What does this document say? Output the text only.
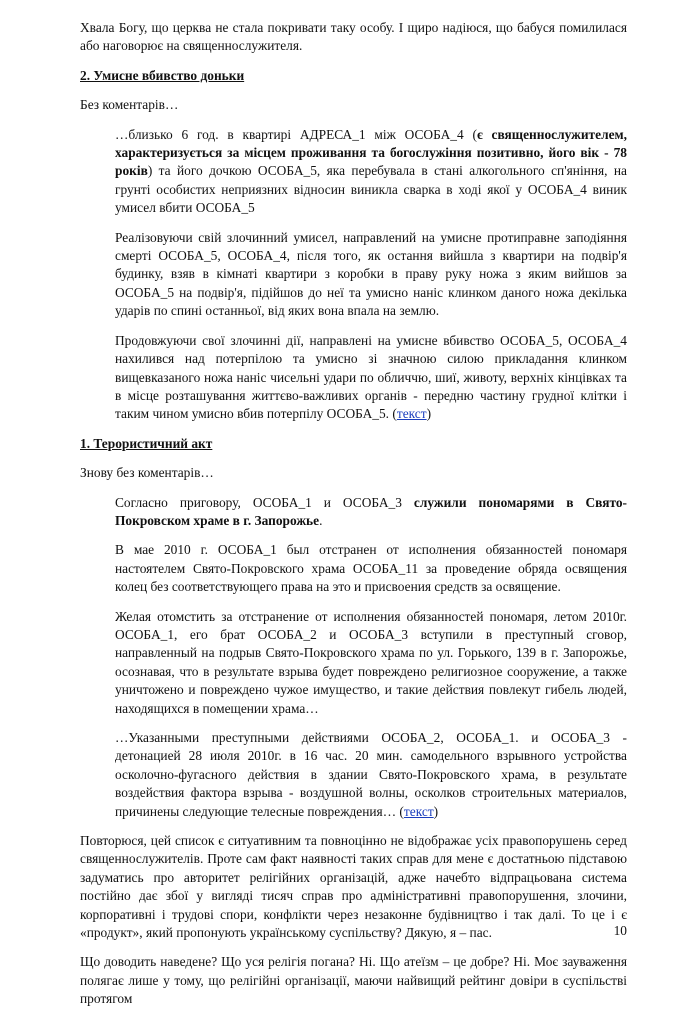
Хвала Богу, що церква не стала покривати таку особу. І щиро надіюся, що бабуся помилилася або наговорює на священнослужителя.

2. Умисне вбивство доньки

Без коментарів…

…близько 6 год. в квартирі АДРЕСА_1 між ОСОБА_4 (є священнослужителем, характеризується за місцем проживання та богослужіння позитивно, його вік - 78 років) та його дочкою ОСОБА_5, яка перебувала в стані алкогольного сп'яніння, на грунті особистих неприязних відносин виникла сварка в ході якої у ОСОБА_4 виник умисел вбити ОСОБА_5

Реалізовуючи свій злочинний умисел, направлений на умисне протиправне заподіяння смерті ОСОБА_5, ОСОБА_4, після того, як остання вийшла з квартири на подвір'я будинку, взяв в кімнаті квартири з коробки в праву руку ножа з яким вийшов за ОСОБА_5 на подвір'я, підійшов до неї та умисно наніс клинком даного ножа декілька ударів по спині останньої, від яких вона впала на землю.

Продовжуючи свої злочинні дії, направлені на умисне вбивство ОСОБА_5, ОСОБА_4 нахилився над потерпілою та умисно зі значною силою прикладання клинком вищевказаного ножа наніс чисельні удари по обличчю, шиї, животу, верхніх кінцівках та в місце розташування життєво-важливих органів - передню частину грудної клітки і таким чином умисно вбив потерпілу ОСОБА_5. (текст)

1. Терористичний акт

Знову без коментарів…

Согласно приговору, ОСОБА_1 и ОСОБА_3 служили пономарями в Свято-Покровском храме в г. Запорожье.

В мае 2010 г. ОСОБА_1 был отстранен от исполнения обязанностей пономаря настоятелем Свято-Покровского храма ОСОБА_11 за проведение обряда освящения колец без соответствующего права на это и присвоения средств за освящение.

Желая отомстить за отстранение от исполнения обязанностей пономаря, летом 2010г. ОСОБА_1, его брат ОСОБА_2 и ОСОБА_3 вступили в преступный сговор, направленный на подрыв Свято-Покровского храма по ул. Горького, 139 в г. Запорожье, осознавая, что в результате взрыва будет повреждено религиозное сооружение, а также уничтожено и повреждено чужое имущество, и такие действия повлекут гибель людей, находящихся в помещении храма…

…Указанными преступными действиями ОСОБА_2, ОСОБА_1. и ОСОБА_3 - детонацией 28 июля 2010г. в 16 час. 20 мин. самодельного взрывного устройства осколочно-фугасного действия в здании Свято-Покровского храма, в результате воздействия фактора взрыва - воздушной волны, осколков строительных материалов, причинены следующие телесные повреждения… (текст)

Повторюся, цей список є ситуативним та повноцінно не відображає усіх правопорушень серед священнослужителів. Проте сам факт наявності таких справ для мене є достатньою підставою задуматись про авторитет релігійних організацій, адже начебто відпрацьована система постійно дає збої у вигляді тисяч справ про адміністративні правопорушення, злочини, корпоративні і трудові спори, конфлікти через незаконне будівництво і так далі. То це і є «продукт», який пропонують українському суспільству? Дякую, я – пас.

Що доводить наведене? Що уся релігія погана? Ні. Що атеїзм – це добре? Ні. Моє зауваження полягає лише у тому, що релігійні організації, маючи найвищий рейтинг довіри в суспільстві протягом

10
